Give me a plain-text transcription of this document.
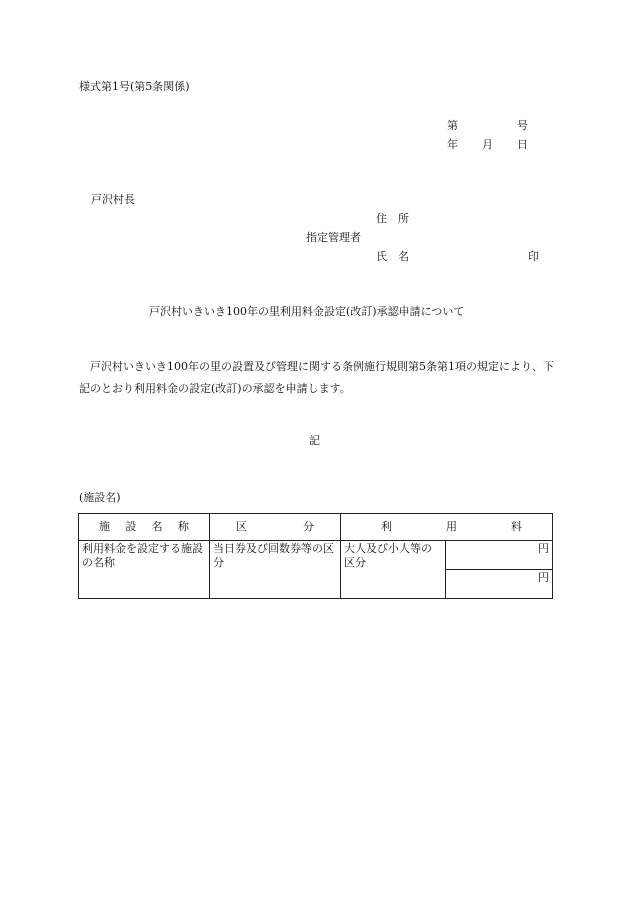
様式第1号(第5条関係)
第	号
年 月 日
戸沢村長
住　所
指定管理者
氏　名	印
戸沢村いきいき100年の里利用料金設定(改訂)承認申請について
戸沢村いきいき100年の里の設置及び管理に関する条例施行規則第5条第1項の規定により、下記のとおり利用料金の設定(改訂)の承認を申請します。
記
(施設名)
施 設 名 称	区 分	利 用 料	

利用料金を設定する施設の名称	当日券及び回数券等の区分	大人及び小人等の区分	円
			円
